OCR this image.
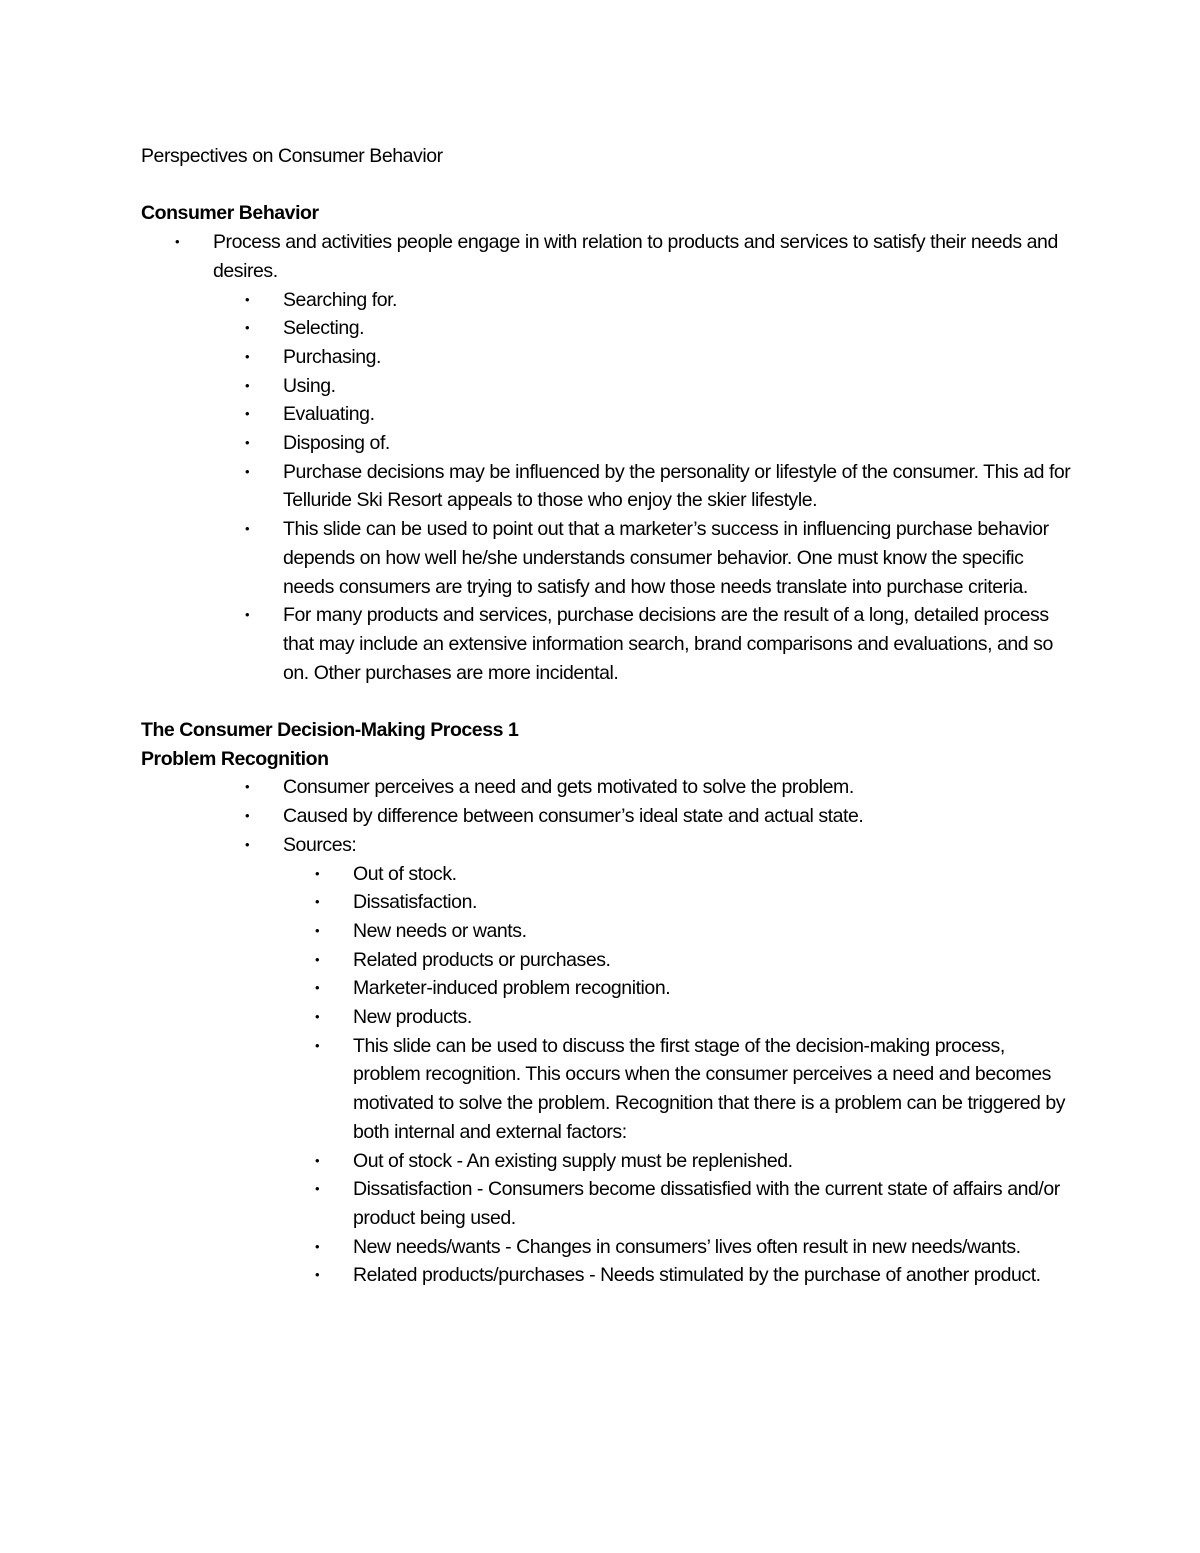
Perspectives on Consumer Behavior
Consumer Behavior
•	Process and activities people engage in with relation to products and services to satisfy their needs and desires.
•	Searching for.
•	Selecting.
•	Purchasing.
•	Using.
•	Evaluating.
•	Disposing of.
•	Purchase decisions may be influenced by the personality or lifestyle of the consumer. This ad for Telluride Ski Resort appeals to those who enjoy the skier lifestyle.
•	This slide can be used to point out that a marketer’s success in influencing purchase behavior depends on how well he/she understands consumer behavior. One must know the specific needs consumers are trying to satisfy and how those needs translate into purchase criteria.
•	For many products and services, purchase decisions are the result of a long, detailed process that may include an extensive information search, brand comparisons and evaluations, and so on. Other purchases are more incidental.
The Consumer Decision-Making Process 1
Problem Recognition
•	Consumer perceives a need and gets motivated to solve the problem.
•	Caused by difference between consumer’s ideal state and actual state.
•	Sources:
•	Out of stock.
•	Dissatisfaction.
•	New needs or wants.
•	Related products or purchases.
•	Marketer-induced problem recognition.
•	New products.
•	This slide can be used to discuss the first stage of the decision-making process, problem recognition. This occurs when the consumer perceives a need and becomes motivated to solve the problem. Recognition that there is a problem can be triggered by both internal and external factors:
•	Out of stock - An existing supply must be replenished.
•	Dissatisfaction - Consumers become dissatisfied with the current state of affairs and/or product being used.
•	New needs/wants - Changes in consumers’ lives often result in new needs/wants.
•	Related products/purchases - Needs stimulated by the purchase of another product.
